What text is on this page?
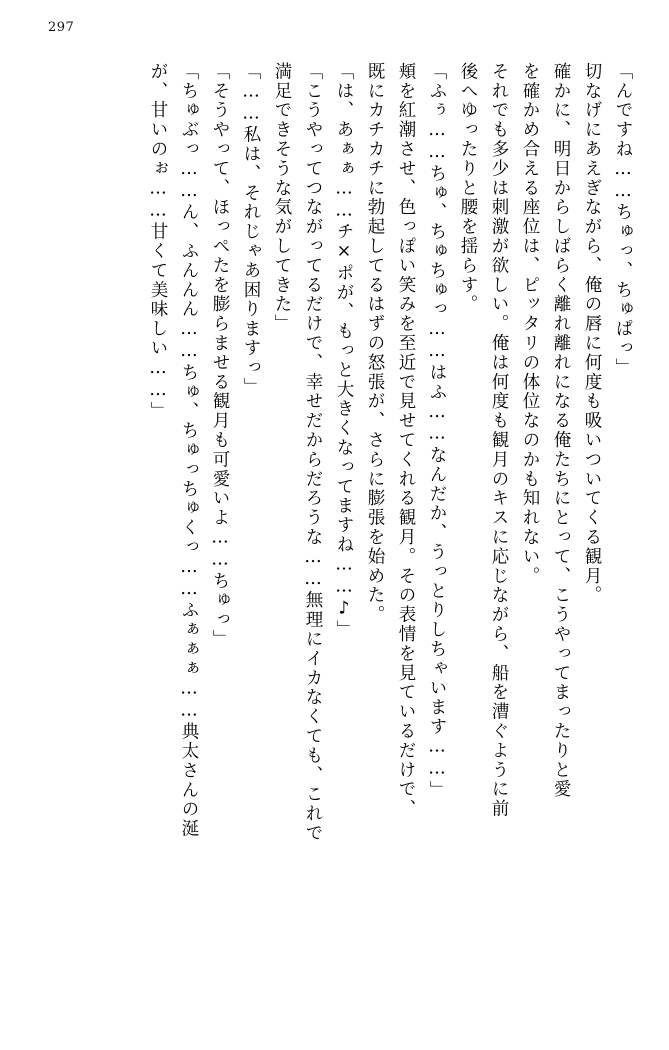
297
「んですね……ちゅっ、ちゅぱっ」
切なげにあえぎながら、俺の唇に何度も吸いついてくる観月。
確かに、明日からしばらく離れ離れになる俺たちにとって、こうやってまったりと愛
を確かめ合える座位は、ピッタリの体位なのかも知れない。
それでも多少は刺激が欲しい。俺は何度も観月のキスに応じながら、船を漕ぐように前
後へゆったりと腰を揺らす。
「ふぅ……ちゅ、ちゅちゅっ……はふ……なんだか、うっとりしちゃいます……」
頬を紅潮させ、色っぽい笑みを至近で見せてくれる観月。その表情を見ているだけで、
既にカチカチに勃起してるはずの怒張が、さらに膨張を始めた。
「は、あぁぁ……チ×ポが、もっと大きくなってますね……♪」
「こうやってつながってるだけで、幸せだからだろうな……無理にイカなくても、これで
満足できそうな気がしてきた」
「……私は、それじゃあ困りますっ」
「そうやって、ほっぺたを膨らませる観月も可愛いよ……ちゅっ」
「ちゅぶっ……ん、ふんんん……ちゅ、ちゅっちゅくっ……ふぁぁぁ……典太さんの涎
が、甘いのぉ……甘くて美味しい……」
